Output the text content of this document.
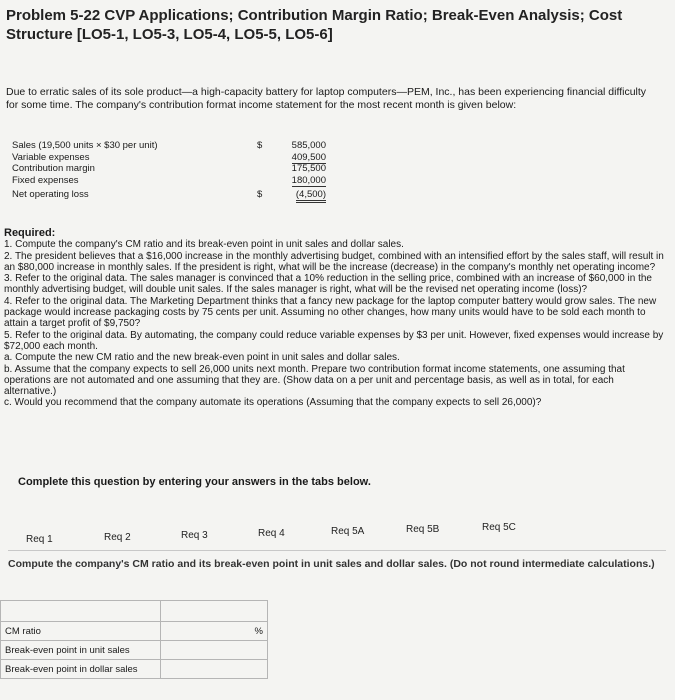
Problem 5-22 CVP Applications; Contribution Margin Ratio; Break-Even Analysis; Cost Structure [LO5-1, LO5-3, LO5-4, LO5-5, LO5-6]
Due to erratic sales of its sole product—a high-capacity battery for laptop computers—PEM, Inc., has been experiencing financial difficulty for some time. The company's contribution format income statement for the most recent month is given below:
Sales (19,500 units × $30 per unit)	$	585,000
Variable expenses	409,500
Contribution margin	175,500
Fixed expenses	180,000
Net operating loss	$	(4,500)
Required:
1. Compute the company's CM ratio and its break-even point in unit sales and dollar sales.
2. The president believes that a $16,000 increase in the monthly advertising budget, combined with an intensified effort by the sales staff, will result in an $80,000 increase in monthly sales. If the president is right, what will be the increase (decrease) in the company's monthly net operating income?
3. Refer to the original data. The sales manager is convinced that a 10% reduction in the selling price, combined with an increase of $60,000 in the monthly advertising budget, will double unit sales. If the sales manager is right, what will be the revised net operating income (loss)?
4. Refer to the original data. The Marketing Department thinks that a fancy new package for the laptop computer battery would grow sales. The new package would increase packaging costs by 75 cents per unit. Assuming no other changes, how many units would have to be sold each month to attain a target profit of $9,750?
5. Refer to the original data. By automating, the company could reduce variable expenses by $3 per unit. However, fixed expenses would increase by $72,000 each month.
a. Compute the new CM ratio and the new break-even point in unit sales and dollar sales.
b. Assume that the company expects to sell 26,000 units next month. Prepare two contribution format income statements, one assuming that operations are not automated and one assuming that they are. (Show data on a per unit and percentage basis, as well as in total, for each alternative.)
c. Would you recommend that the company automate its operations (Assuming that the company expects to sell 26,000)?
Complete this question by entering your answers in the tabs below.
Req 1	Req 2	Req 3	Req 4	Req 5A	Req 5B	Req 5C
Compute the company's CM ratio and its break-even point in unit sales and dollar sales. (Do not round intermediate calculations.)

CM ratio	%
Break-even point in unit sales	
Break-even point in dollar sales	
